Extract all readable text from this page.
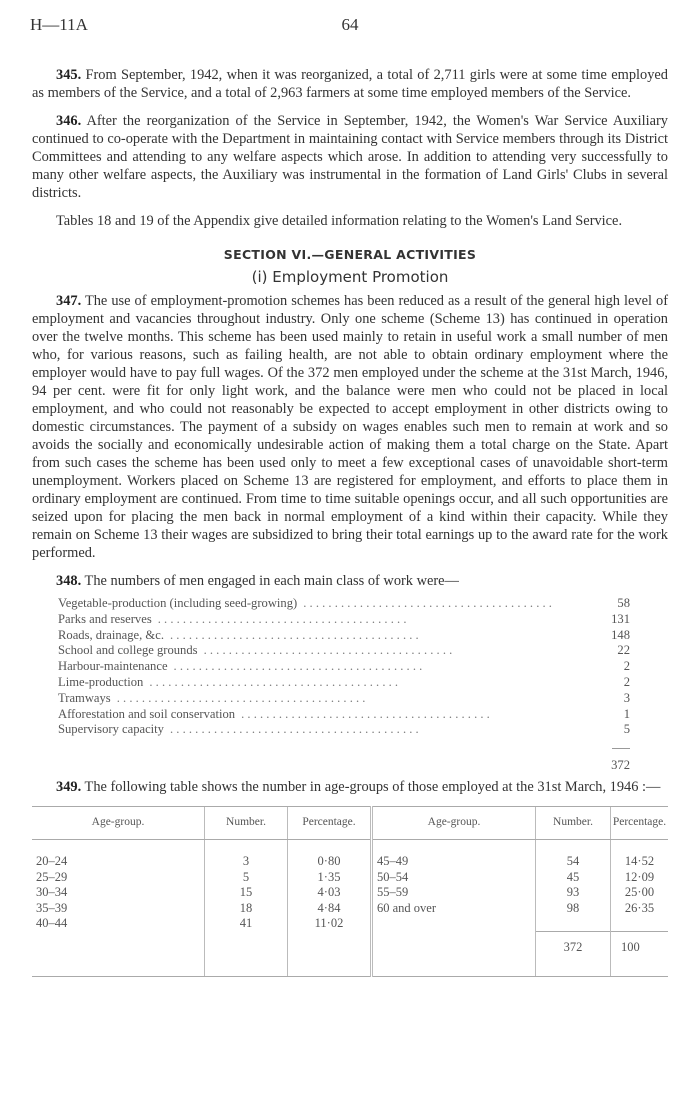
H—11A	64

345. From September, 1942, when it was reorganized, a total of 2,711 girls were at some time employed as members of the Service, and a total of 2,963 farmers at some time employed members of the Service.

346. After the reorganization of the Service in September, 1942, the Women's War Service Auxiliary continued to co-operate with the Department in maintaining contact with Service members through its District Committees and attending to any welfare aspects which arose. In addition to attending very successfully to many other welfare aspects, the Auxiliary was instrumental in the formation of Land Girls' Clubs in several districts.

Tables 18 and 19 of the Appendix give detailed information relating to the Women's Land Service.

SECTION VI.—GENERAL ACTIVITIES
(i) Employment Promotion

347. The use of employment-promotion schemes has been reduced as a result of the general high level of employment and vacancies throughout industry. Only one scheme (Scheme 13) has continued in operation over the twelve months. This scheme has been used mainly to retain in useful work a small number of men who, for various reasons, such as failing health, are not able to obtain ordinary employment where the employer would have to pay full wages. Of the 372 men employed under the scheme at the 31st March, 1946, 94 per cent. were fit for only light work, and the balance were men who could not be placed in local employment, and who could not reasonably be expected to accept employment in other districts owing to domestic circumstances. The payment of a subsidy on wages enables such men to remain at work and so avoids the socially and economically undesirable action of making them a total charge on the State. Apart from such cases the scheme has been used only to meet a few exceptional cases of unavoidable short-term unemployment. Workers placed on Scheme 13 are registered for employment, and efforts to place them in ordinary employment are continued. From time to time suitable openings occur, and all such opportunities are seized upon for placing the men back in normal employment of a kind within their capacity. While they remain on Scheme 13 their wages are subsidized to bring their total earnings up to the award rate for the work performed.

348. The numbers of men engaged in each main class of work were—

Vegetable-production (including seed-growing) . . . . . . . . . . . . . . . . . . . . . . . . . . . . . . . . . . . . . . . .	58
Parks and reserves . . . . . . . . . . . . . . . . . . . . . . . . . . . . . . . . . . . . . . . .	131
Roads, drainage, &c. . . . . . . . . . . . . . . . . . . . . . . . . . . . . . . . . . . . . . . . .	148
School and college grounds . . . . . . . . . . . . . . . . . . . . . . . . . . . . . . . . . . . . . . . .	22
Harbour-maintenance . . . . . . . . . . . . . . . . . . . . . . . . . . . . . . . . . . . . . . . .	2
Lime-production . . . . . . . . . . . . . . . . . . . . . . . . . . . . . . . . . . . . . . . .	2
Tramways . . . . . . . . . . . . . . . . . . . . . . . . . . . . . . . . . . . . . . . .	3
Afforestation and soil conservation . . . . . . . . . . . . . . . . . . . . . . . . . . . . . . . . . . . . . . . .	1
Supervisory capacity . . . . . . . . . . . . . . . . . . . . . . . . . . . . . . . . . . . . . . . .	5

372

349. The following table shows the number in age-groups of those employed at the 31st March, 1946 :—

Age-group.	Number.	Percentage.	Age-group.	Number.	Percentage.
20–24	3	0·80	45–49	54	14·52
25–29	5	1·35	50–54	45	12·09
30–34	15	4·03	55–59	93	25·00
35–39	18	4·84	60 and over	98	26·35
40–44	41	11·02			
				372	100
